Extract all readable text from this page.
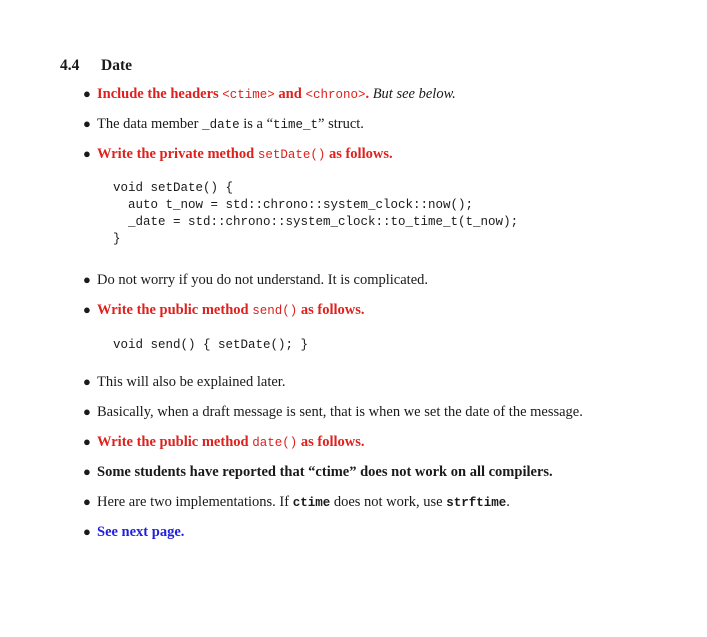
4.4 Date
● Include the headers <ctime> and <chrono>. But see below.
● The data member _date is a “time_t” struct.
● Write the private method setDate() as follows.
void setDate() {
auto t_now = std::chrono::system_clock::now();
_date = std::chrono::system_clock::to_time_t(t_now);
}
● Do not worry if you do not understand. It is complicated.
● Write the public method send() as follows.
void send() { setDate(); }
● This will also be explained later.
● Basically, when a draft message is sent, that is when we set the date of the message.
● Write the public method date() as follows.
● Some students have reported that “ctime” does not work on all compilers.
● Here are two implementations. If ctime does not work, use strftime.
● See next page.
